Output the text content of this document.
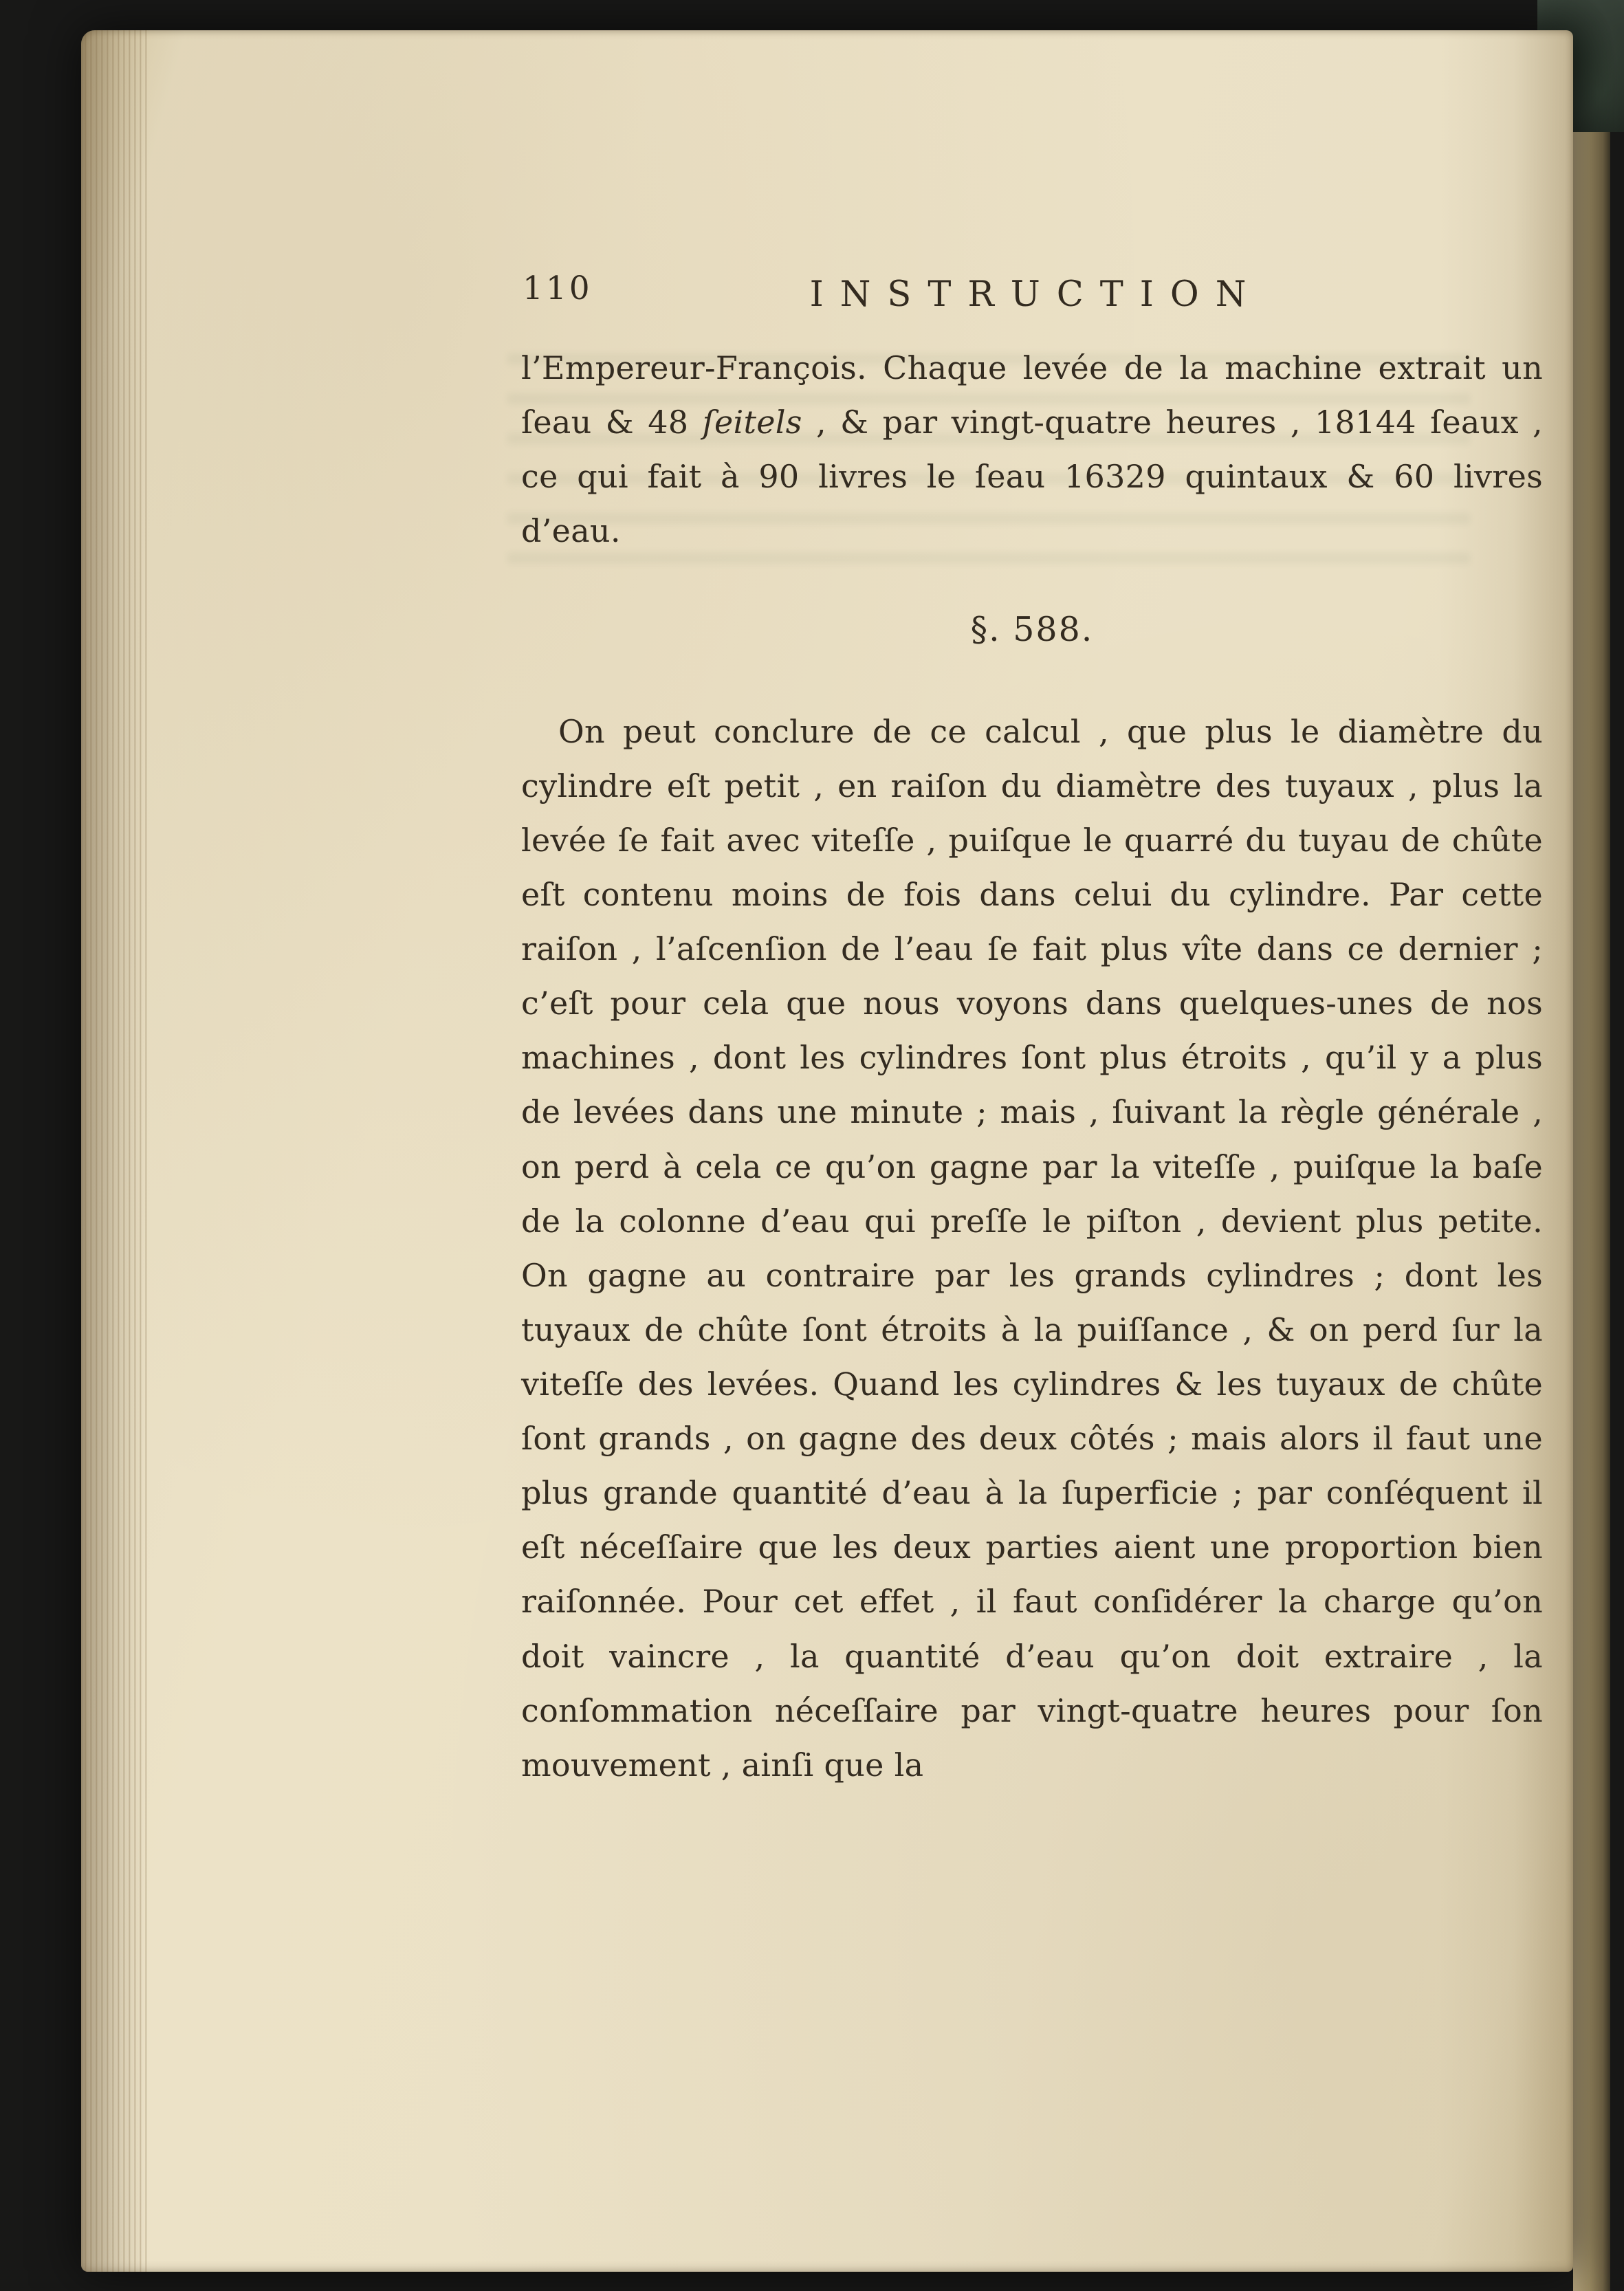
110	INSTRUCTION

l’Empereur-François. Chaque levée de la machine extrait un ſeau & 48 ſeitels , & par vingt-quatre heures , 18144 ſeaux , ce qui fait à 90 livres le ſeau 16329 quintaux & 60 livres d’eau.

§. 588.

On peut conclure de ce calcul , que plus le diamètre du cylindre eſt petit , en raiſon du diamètre des tuyaux , plus la levée ſe fait avec viteſſe , puiſque le quarré du tuyau de chûte eſt contenu moins de fois dans celui du cylindre. Par cette raiſon , l’aſcenſion de l’eau ſe fait plus vîte dans ce dernier ; c’eſt pour cela que nous voyons dans quelques-unes de nos machines , dont les cylindres ſont plus étroits , qu’il y a plus de levées dans une minute ; mais , ſuivant la règle générale , on perd à cela ce qu’on gagne par la viteſſe , puiſque la baſe de la colonne d’eau qui preſſe le piſton , devient plus petite. On gagne au contraire par les grands cylindres ; dont les tuyaux de chûte ſont étroits à la puiſſance , & on perd ſur la viteſſe des levées. Quand les cylindres & les tuyaux de chûte ſont grands , on gagne des deux côtés ; mais alors il faut une plus grande quantité d’eau à la ſuperficie ; par conſéquent il eſt néceſſaire que les deux parties aient une proportion bien raiſonnée. Pour cet effet , il faut conſidérer la charge qu’on doit vaincre , la quantité d’eau qu’on doit extraire , la conſommation néceſſaire par vingt-quatre heures pour ſon mouvement , ainſi que la
